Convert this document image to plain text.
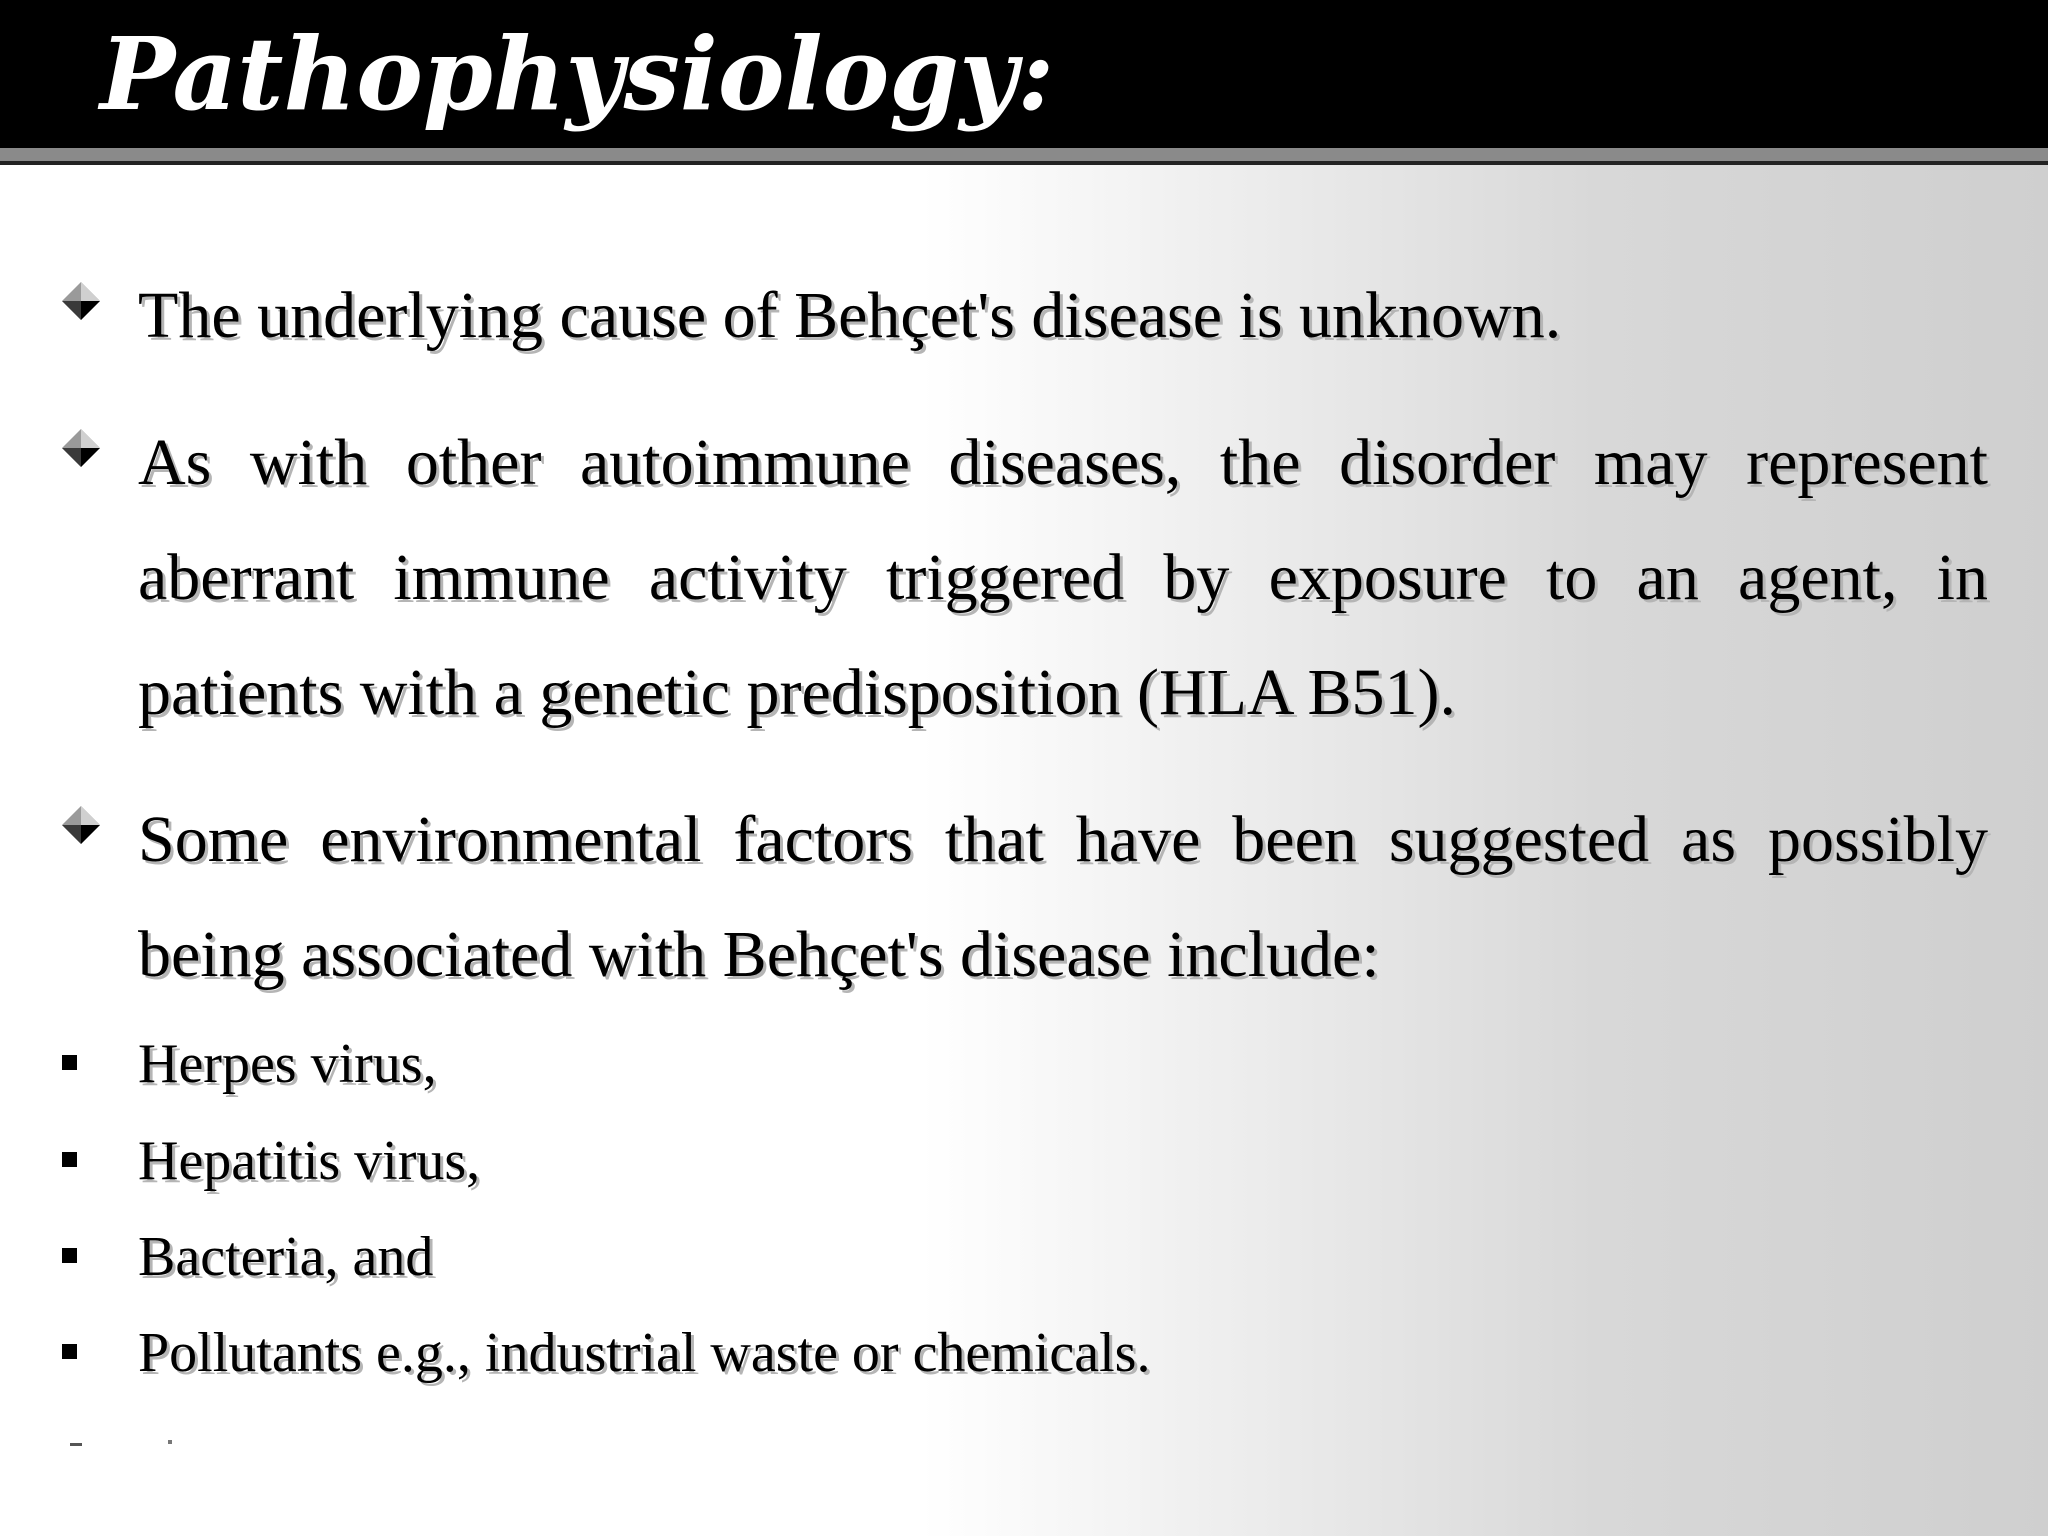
Pathophysiology:
The underlying cause of Behçet's disease is unknown.
As with other autoimmune diseases, the disorder may represent aberrant immune activity triggered by exposure to an agent, in patients with a genetic predisposition (HLA B51).
Some environmental factors that have been suggested as possibly being associated with Behçet's disease include:
Herpes virus,
Hepatitis virus,
Bacteria, and
Pollutants e.g., industrial waste or chemicals.
